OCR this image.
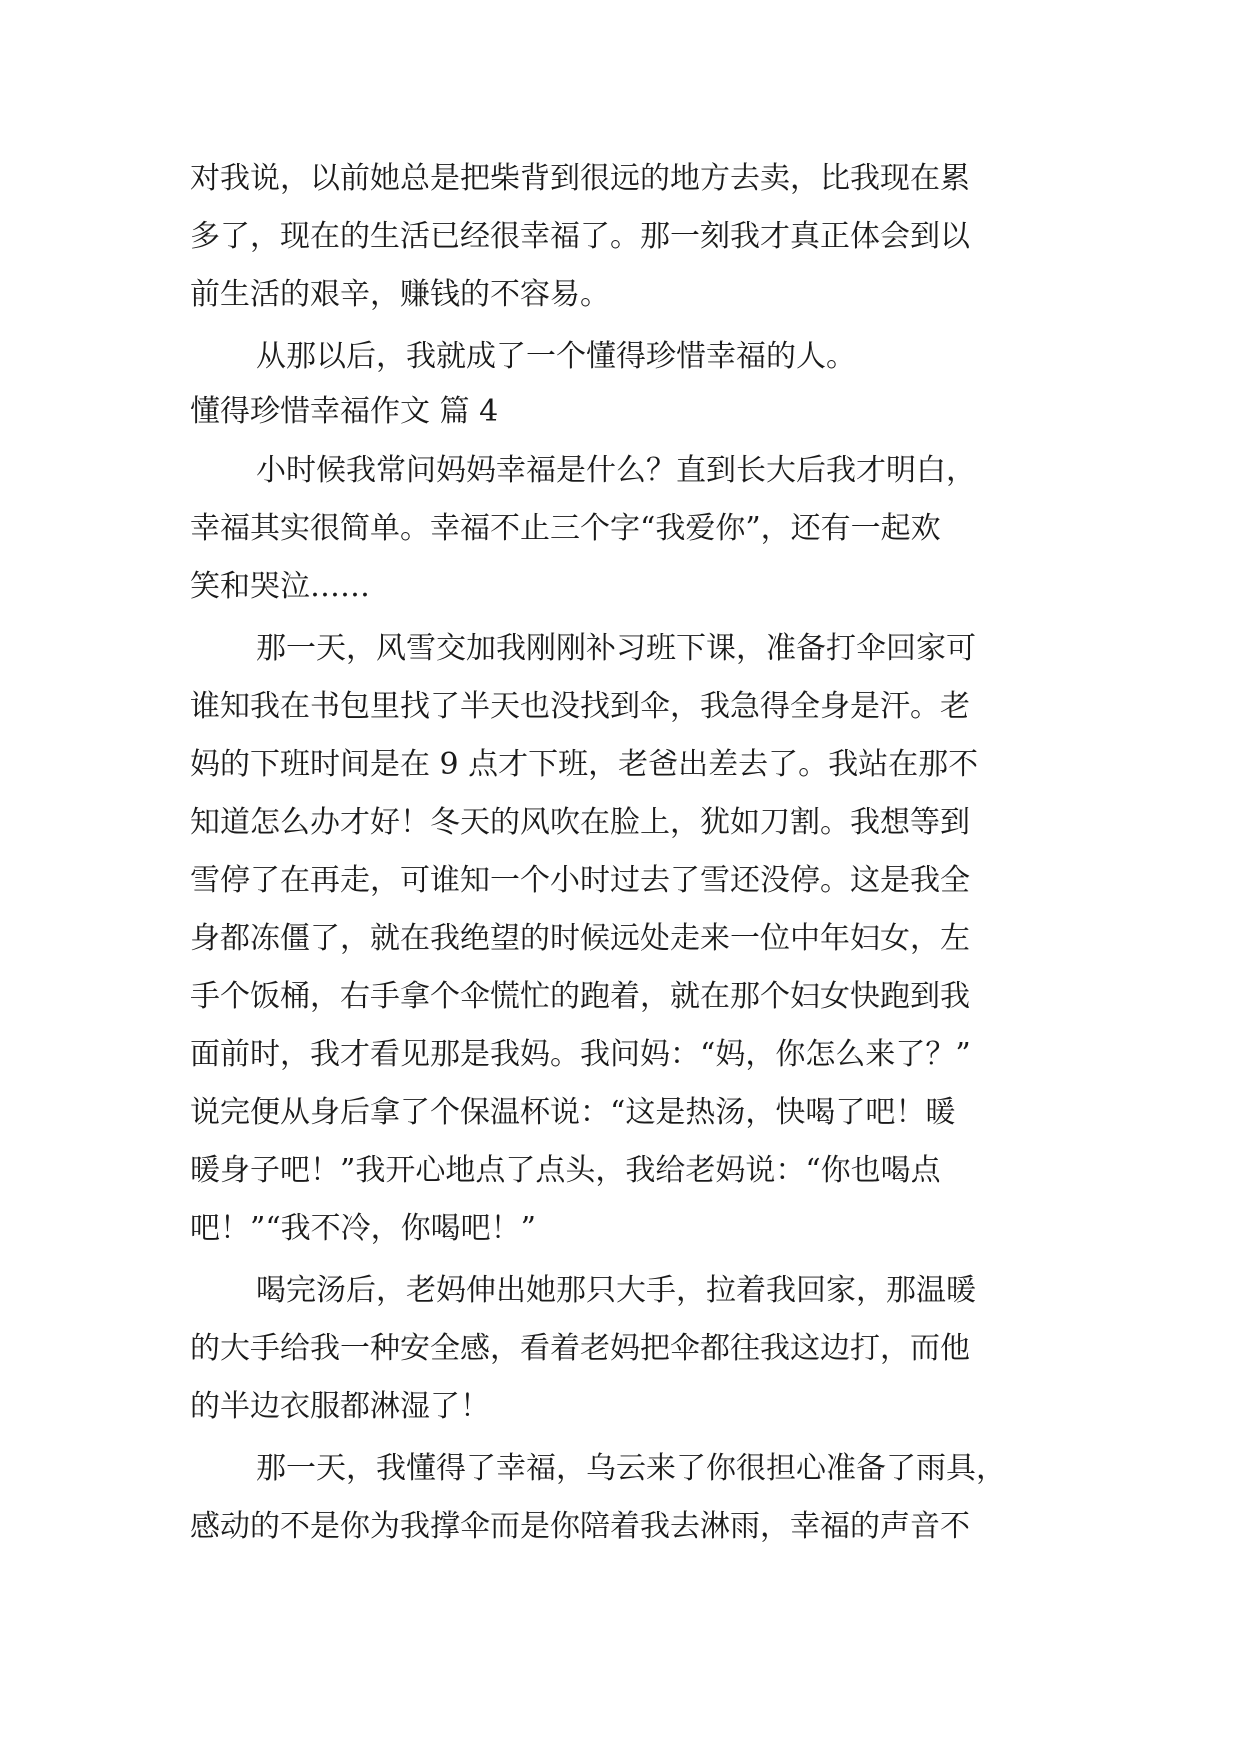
对我说，以前她总是把柴背到很远的地方去卖，比我现在累
多了，现在的生活已经很幸福了。那一刻我才真正体会到以
前生活的艰辛，赚钱的不容易。
从那以后，我就成了一个懂得珍惜幸福的人。
懂得珍惜幸福作文 篇 4
小时候我常问妈妈幸福是什么？直到长大后我才明白，
幸福其实很简单。幸福不止三个字“我爱你”，还有一起欢
笑和哭泣……
那一天，风雪交加我刚刚补习班下课，准备打伞回家可
谁知我在书包里找了半天也没找到伞，我急得全身是汗。老
妈的下班时间是在 9 点才下班，老爸出差去了。我站在那不
知道怎么办才好！冬天的风吹在脸上，犹如刀割。我想等到
雪停了在再走，可谁知一个小时过去了雪还没停。这是我全
身都冻僵了，就在我绝望的时候远处走来一位中年妇女，左
手个饭桶，右手拿个伞慌忙的跑着，就在那个妇女快跑到我
面前时，我才看见那是我妈。我问妈：“妈，你怎么来了？”
说完便从身后拿了个保温杯说：“这是热汤，快喝了吧！暖
暖身子吧！”我开心地点了点头，我给老妈说：“你也喝点
吧！”“我不冷，你喝吧！”
喝完汤后，老妈伸出她那只大手，拉着我回家，那温暖
的大手给我一种安全感，看着老妈把伞都往我这边打，而他
的半边衣服都淋湿了！
那一天，我懂得了幸福，乌云来了你很担心准备了雨具，
感动的不是你为我撑伞而是你陪着我去淋雨，幸福的声音不
